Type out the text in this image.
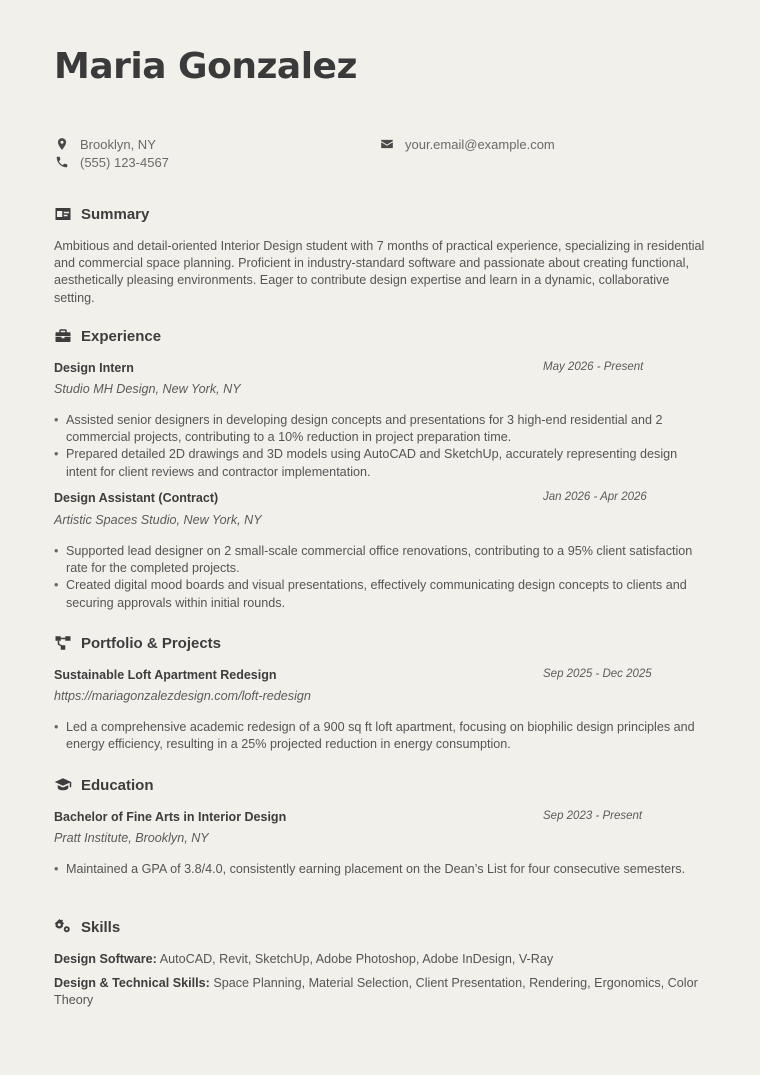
Maria Gonzalez
Brooklyn, NY	your.email@example.com
(555) 123-4567
Summary
Ambitious and detail-oriented Interior Design student with 7 months of practical experience, specializing in residential and commercial space planning. Proficient in industry-standard software and passionate about creating functional, aesthetically pleasing environments. Eager to contribute design expertise and learn in a dynamic, collaborative setting.
Experience
Design Intern	May 2026 - Present
Studio MH Design, New York, NY
• Assisted senior designers in developing design concepts and presentations for 3 high-end residential and 2 commercial projects, contributing to a 10% reduction in project preparation time.
• Prepared detailed 2D drawings and 3D models using AutoCAD and SketchUp, accurately representing design intent for client reviews and contractor implementation.
Design Assistant (Contract)	Jan 2026 - Apr 2026
Artistic Spaces Studio, New York, NY
• Supported lead designer on 2 small-scale commercial office renovations, contributing to a 95% client satisfaction rate for the completed projects.
• Created digital mood boards and visual presentations, effectively communicating design concepts to clients and securing approvals within initial rounds.
Portfolio & Projects
Sustainable Loft Apartment Redesign	Sep 2025 - Dec 2025
https://mariagonzalezdesign.com/loft-redesign
• Led a comprehensive academic redesign of a 900 sq ft loft apartment, focusing on biophilic design principles and energy efficiency, resulting in a 25% projected reduction in energy consumption.
Education
Bachelor of Fine Arts in Interior Design	Sep 2023 - Present
Pratt Institute, Brooklyn, NY
• Maintained a GPA of 3.8/4.0, consistently earning placement on the Dean’s List for four consecutive semesters.
Skills
Design Software: AutoCAD, Revit, SketchUp, Adobe Photoshop, Adobe InDesign, V-Ray
Design & Technical Skills: Space Planning, Material Selection, Client Presentation, Rendering, Ergonomics, Color Theory
